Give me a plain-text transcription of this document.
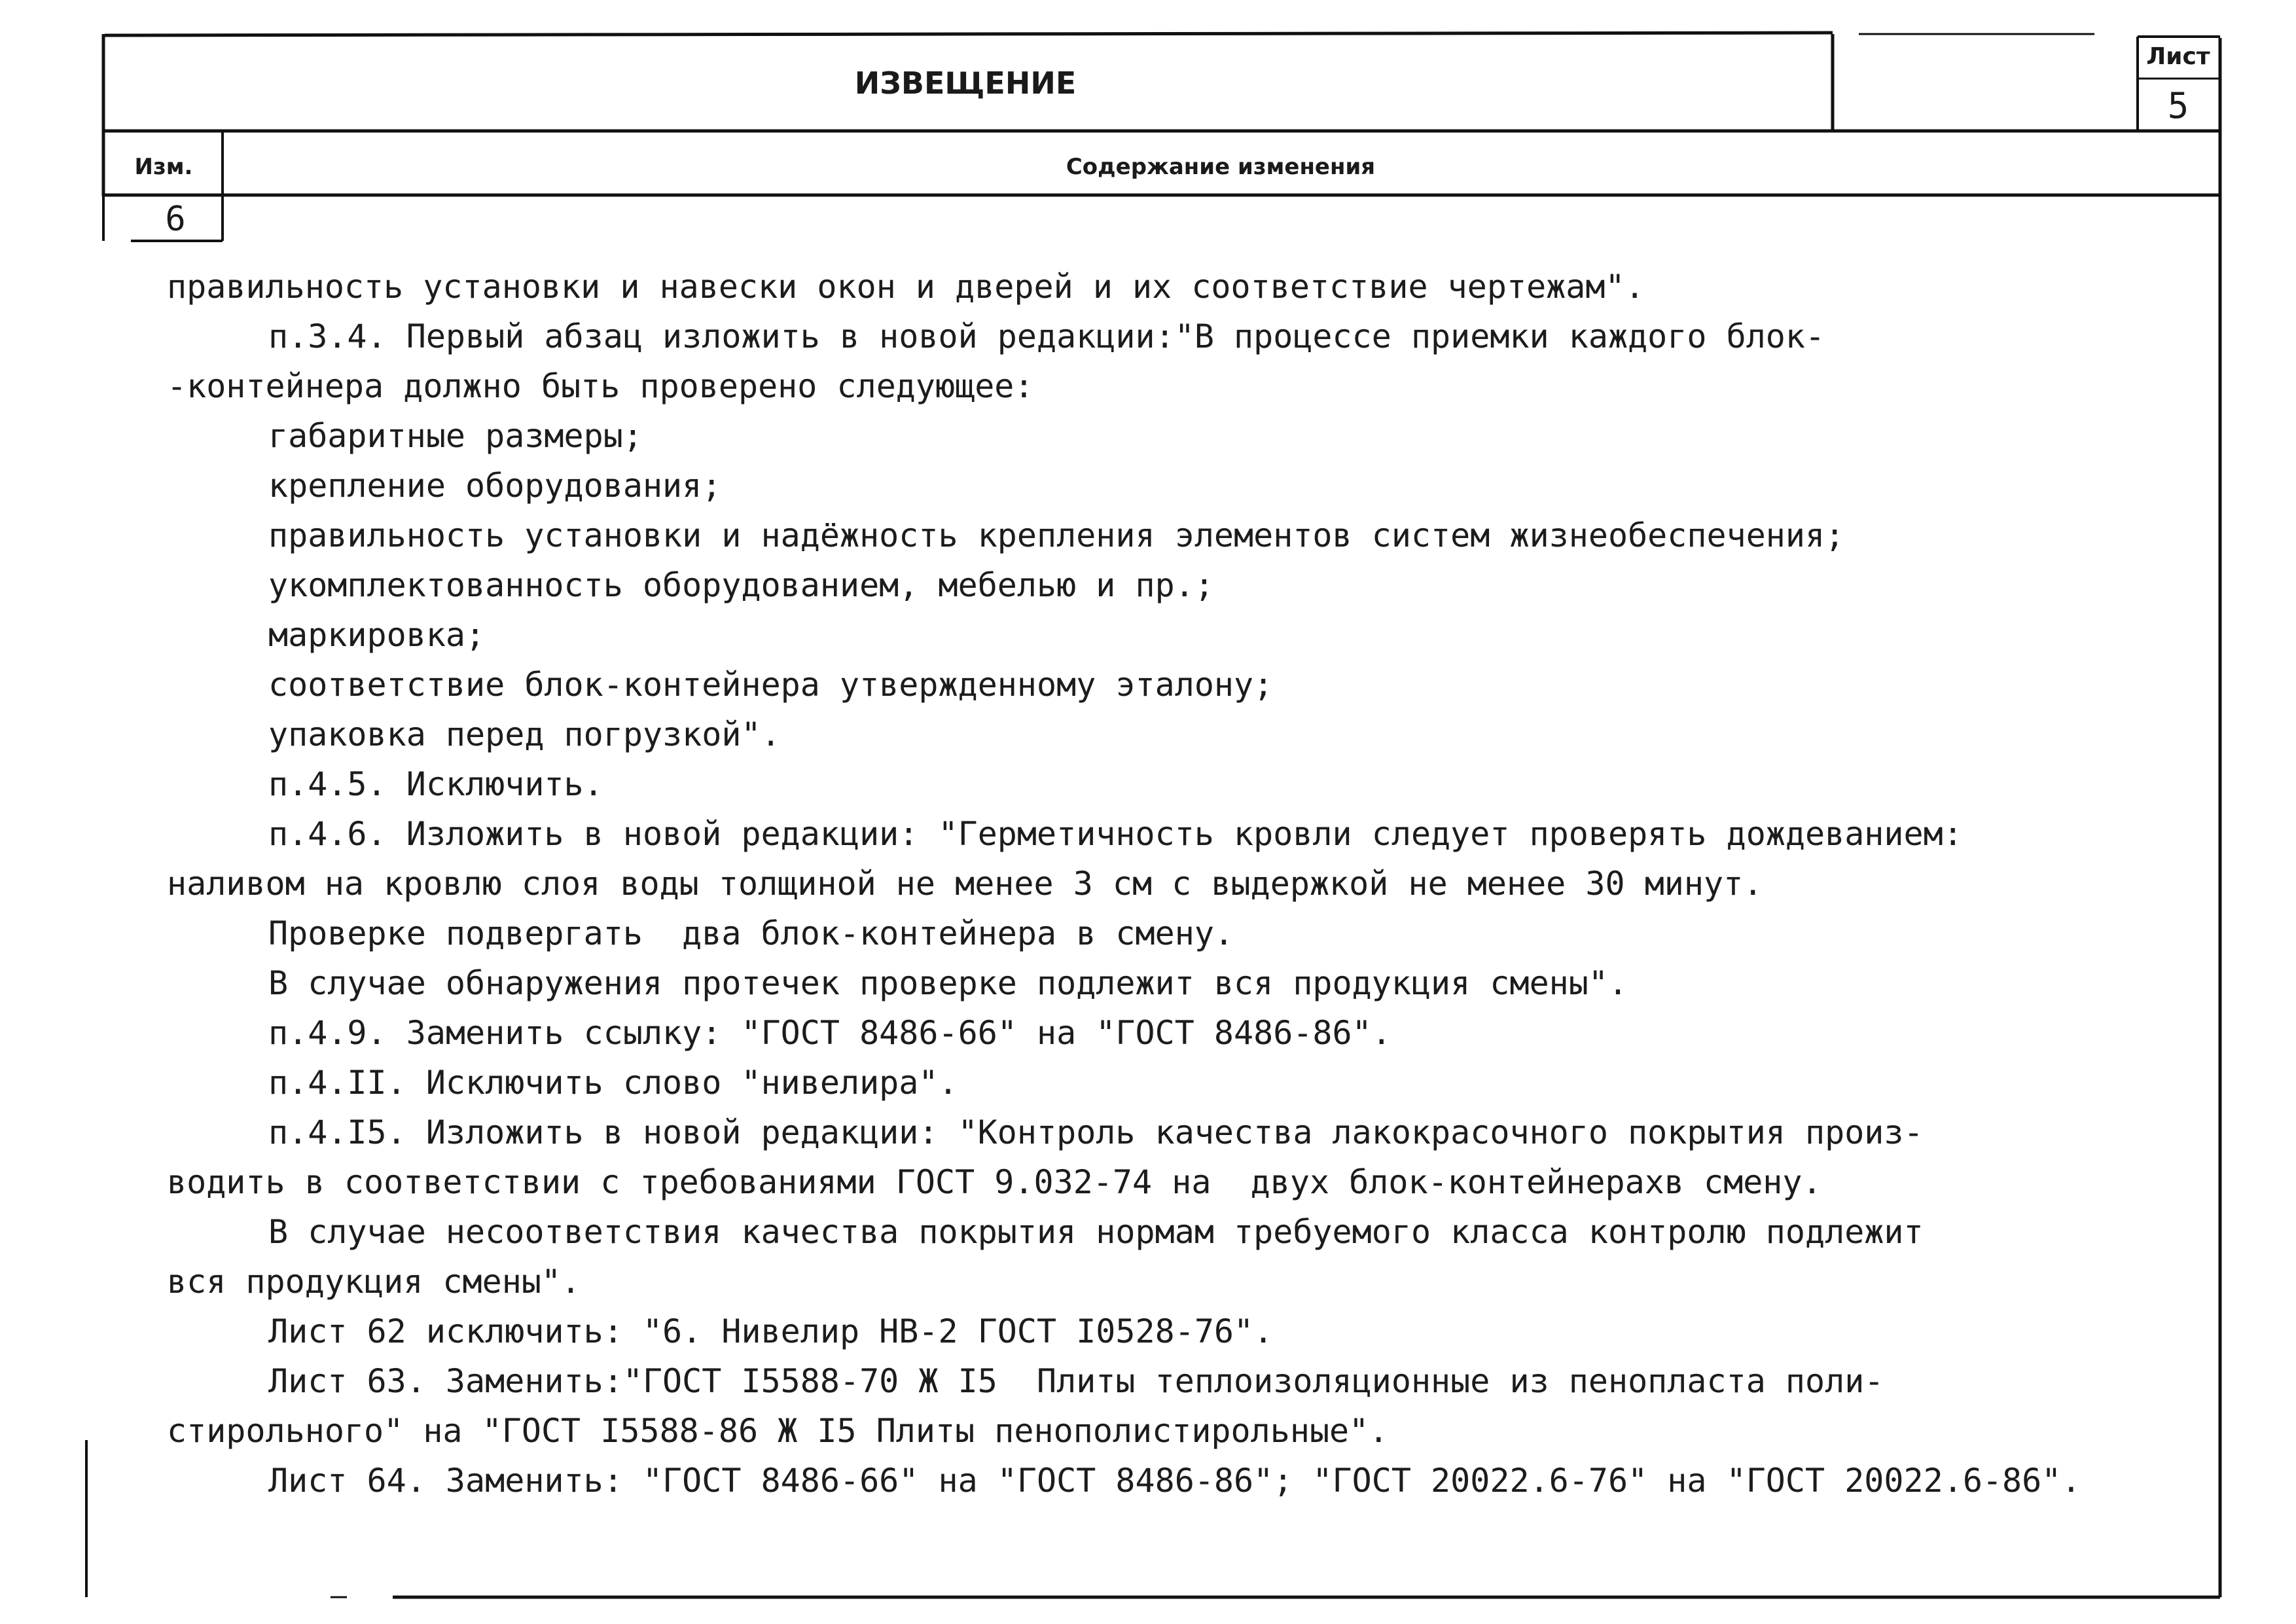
ИЗВЕЩЕНИЕ
Лист
5
Изм.	Содержание изменения
6
правильность установки и навески окон и дверей и их соответствие чертежам".
п.3.4. Первый абзац изложить в новой редакции:"В процессе приемки каждого блок-
-контейнера должно быть проверено следующее:
габаритные размеры;
крепление оборудования;
правильность установки и надёжность крепления элементов систем жизнеобеспечения;
укомплектованность оборудованием, мебелью и пр.;
маркировка;
соответствие блок-контейнера утвержденному эталону;
упаковка перед погрузкой".
п.4.5. Исключить.
п.4.6. Изложить в новой редакции: "Герметичность кровли следует проверять дождеванием:
наливом на кровлю слоя воды толщиной не менее 3 см с выдержкой не менее 30 минут.
Проверке подвергать  два блок-контейнера в смену.
В случае обнаружения протечек проверке подлежит вся продукция смены".
п.4.9. Заменить ссылку: "ГОСТ 8486-66" на "ГОСТ 8486-86".
п.4.II. Исключить слово "нивелира".
п.4.I5. Изложить в новой редакции: "Контроль качества лакокрасочного покрытия произ-
водить в соответствии с требованиями ГОСТ 9.032-74 на  двух блок-контейнерахв смену.
В случае несоответствия качества покрытия нормам требуемого класса контролю подлежит
вся продукция смены".
Лист 62 исключить: "6. Нивелир НВ-2 ГОСТ I0528-76".
Лист 63. Заменить:"ГОСТ I5588-70 Ж I5  Плиты теплоизоляционные из пенопласта поли-
стирольного" на "ГОСТ I5588-86 Ж I5 Плиты пенополистирольные".
Лист 64. Заменить: "ГОСТ 8486-66" на "ГОСТ 8486-86"; "ГОСТ 20022.6-76" на "ГОСТ 20022.6-86".
